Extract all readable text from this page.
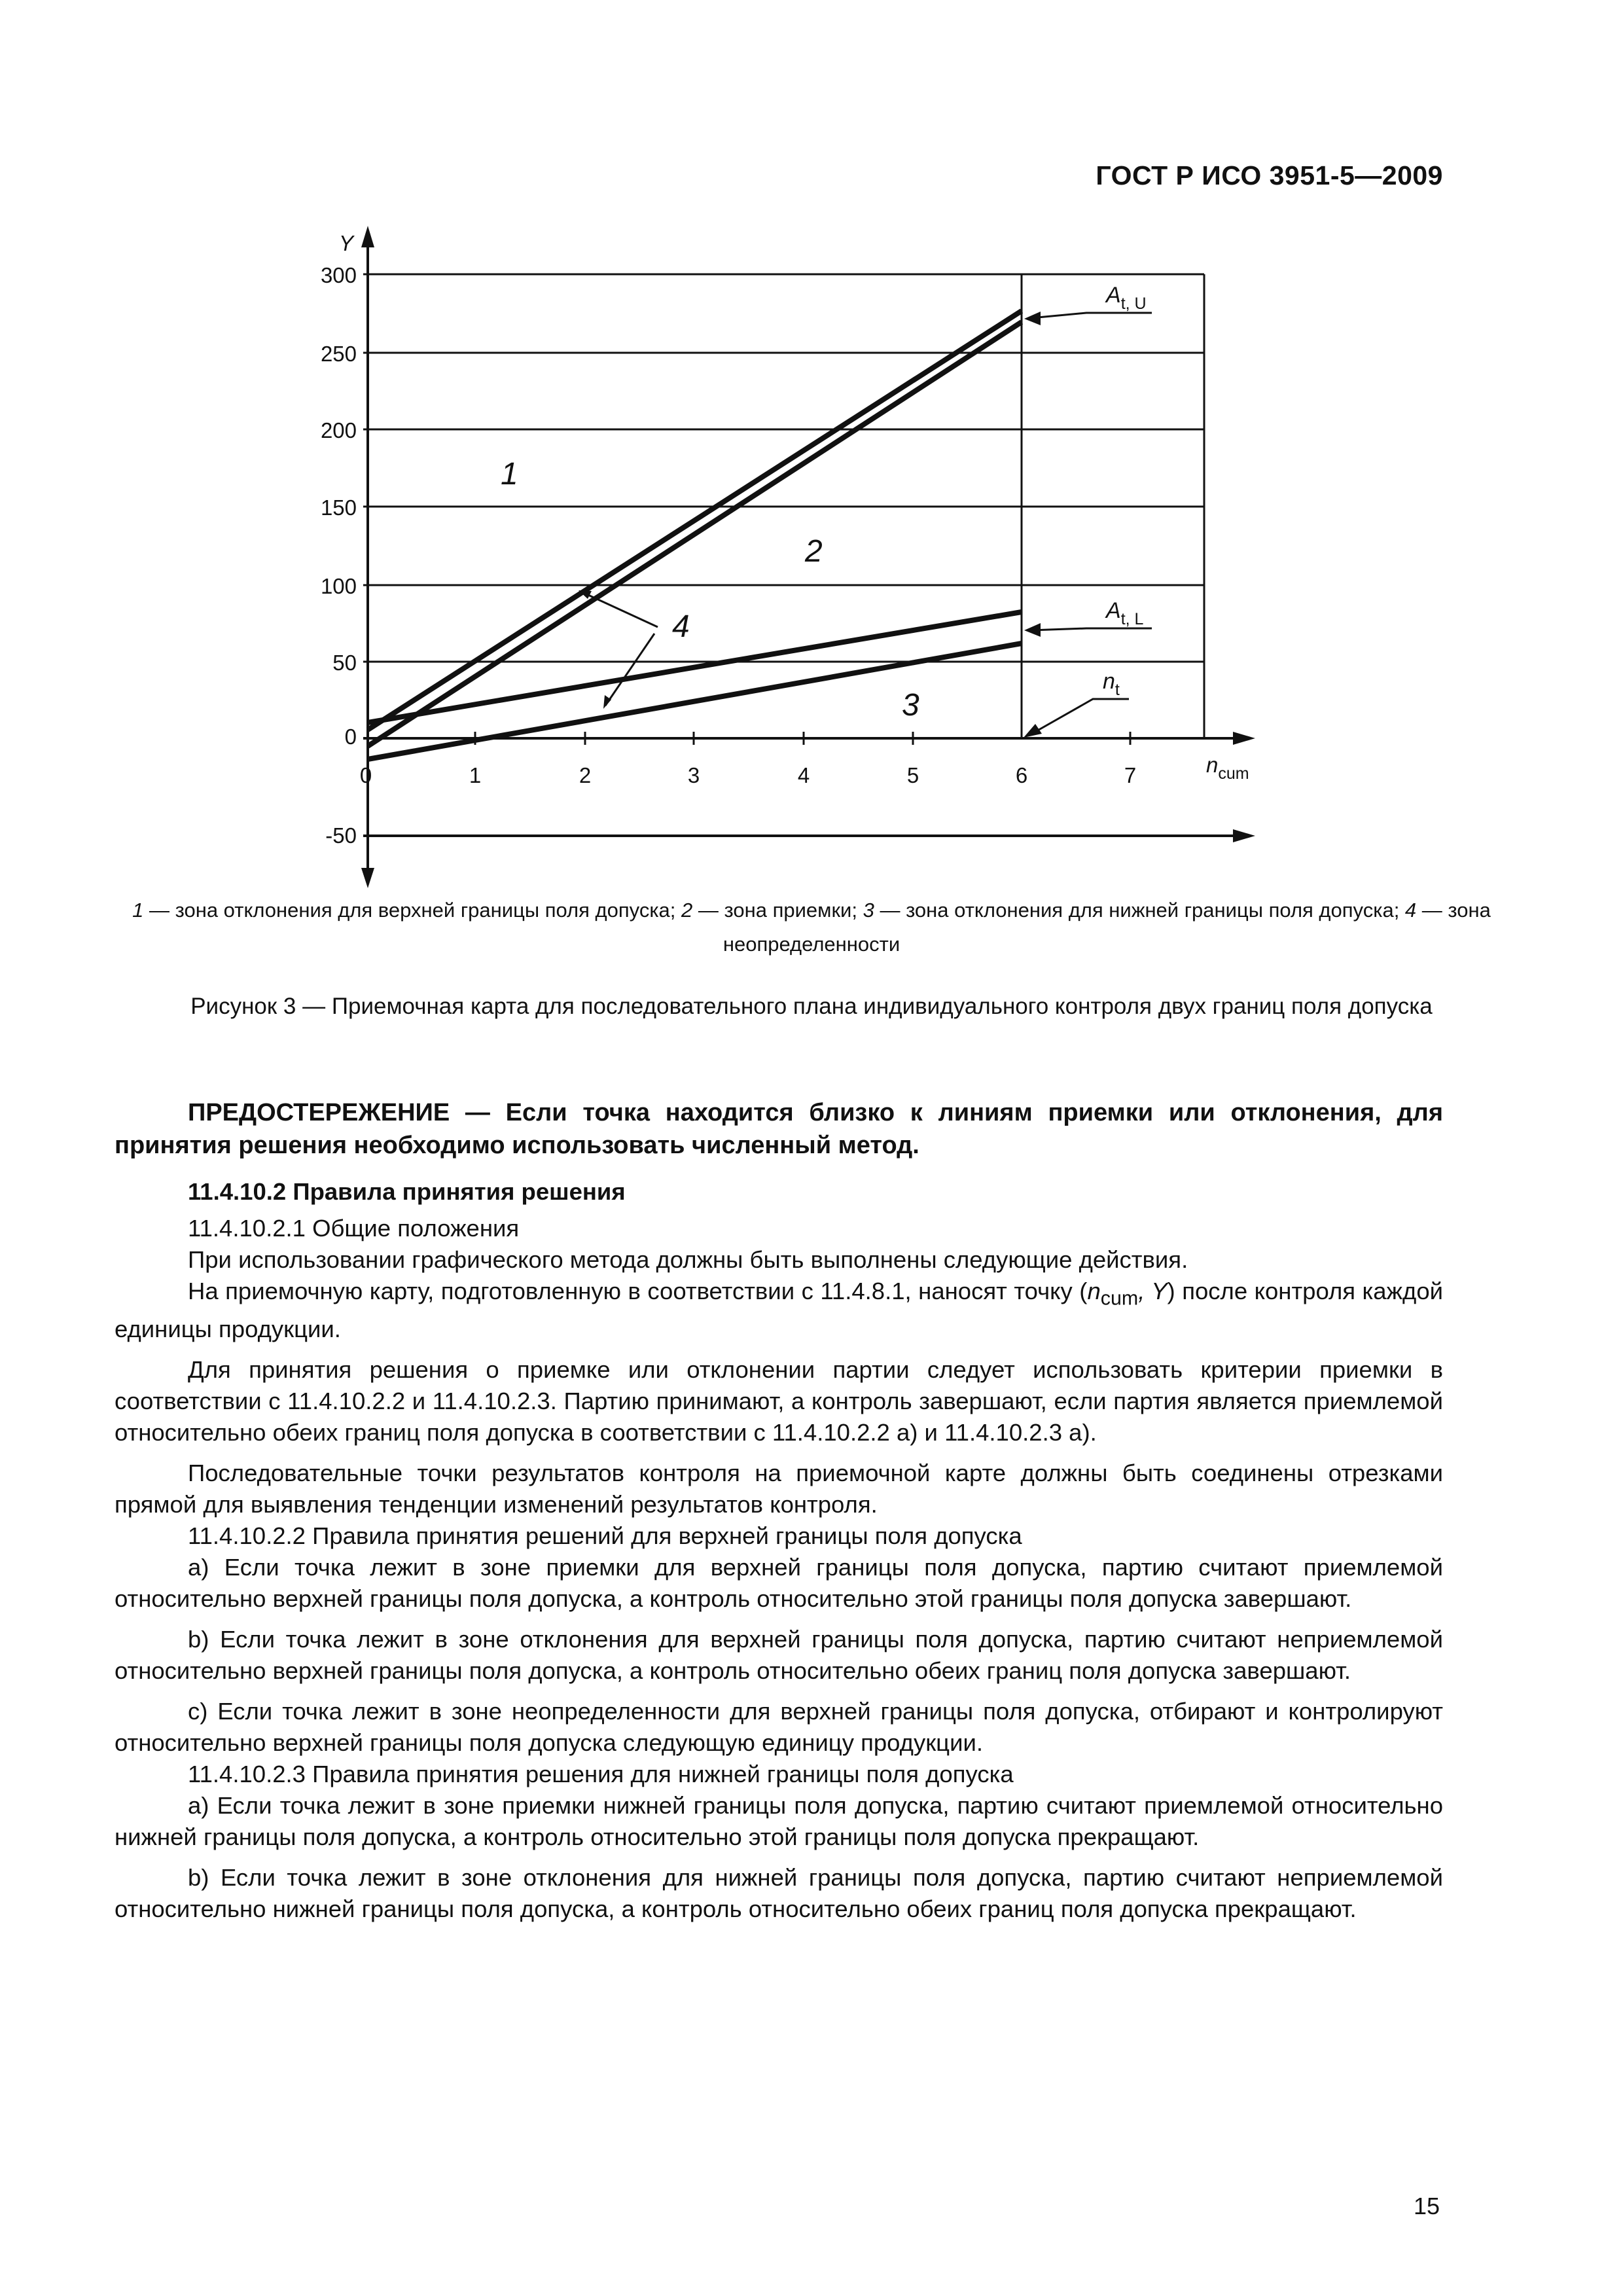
ГОСТ Р ИСО 3951-5—2009
300
250
200
150
100
50
0
-50
Y
0	1	2	3	4	5	6	7	$n_{cum}$
1
2
3
4
$A_{t, U}$
$A_{t, L}$
$n_t$
1 — зона отклонения для верхней границы поля допуска; 2 — зона приемки; 3 — зона отклонения для нижней границы поля допуска; 4 — зона неопределенности
Рисунок 3 — Приемочная карта для последовательного плана индивидуального контроля двух границ поля допуска

ПРЕДОСТЕРЕЖЕНИЕ — Если точка находится близко к линиям приемки или отклонения, для принятия решения необходимо использовать численный метод.

11.4.10.2 Правила принятия решения

11.4.10.2.1 Общие положения

При использовании графического метода должны быть выполнены следующие действия.

На приемочную карту, подготовленную в соответствии с 11.4.8.1, наносят точку ($n_{cum}$, Y) после контроля каждой единицы продукции.

Для принятия решения о приемке или отклонении партии следует использовать критерии приемки в соответствии с 11.4.10.2.2 и 11.4.10.2.3. Партию принимают, а контроль завершают, если партия является приемлемой относительно обеих границ поля допуска в соответствии с 11.4.10.2.2 а) и 11.4.10.2.3 а).

Последовательные точки результатов контроля на приемочной карте должны быть соединены отрезками прямой для выявления тенденции изменений результатов контроля.

11.4.10.2.2 Правила принятия решений для верхней границы поля допуска

a) Если точка лежит в зоне приемки для верхней границы поля допуска, партию считают приемлемой относительно верхней границы поля допуска, а контроль относительно этой границы поля допуска завершают.

b) Если точка лежит в зоне отклонения для верхней границы поля допуска, партию считают неприемлемой относительно верхней границы поля допуска, а контроль относительно обеих границ поля допуска завершают.

c) Если точка лежит в зоне неопределенности для верхней границы поля допуска, отбирают и контролируют относительно верхней границы поля допуска следующую единицу продукции.

11.4.10.2.3 Правила принятия решения для нижней границы поля допуска

a) Если точка лежит в зоне приемки нижней границы поля допуска, партию считают приемлемой относительно нижней границы поля допуска, а контроль относительно этой границы поля допуска прекращают.

b) Если точка лежит в зоне отклонения для нижней границы поля допуска, партию считают неприемлемой относительно нижней границы поля допуска, а контроль относительно обеих границ поля допуска прекращают.

15
